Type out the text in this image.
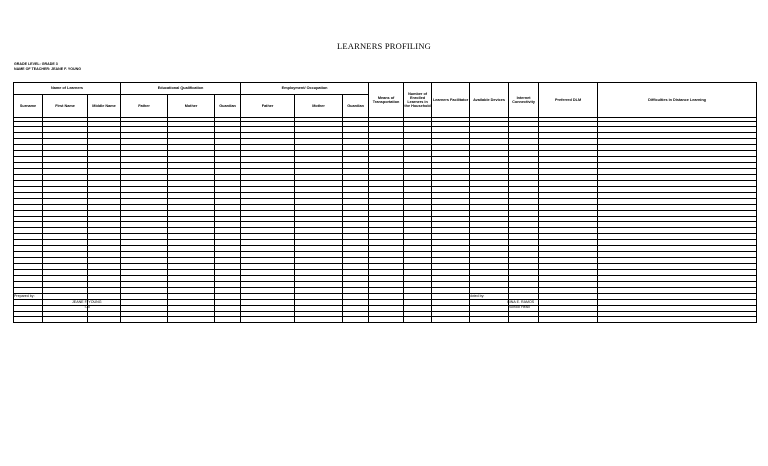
LEARNERS PROFILING
GRADE LEVEL: GRADE 3
NAME OF TEACHER: JEANE F. YOUNG
Name of Learners			Educational Qualification			Employment/ Occupation			Means of Transportation	Number of Enrolled Learners in the Household	Learners Facilitator	Available Devices	Internet Connectivity	Preferred DLM	Difficulties in Distance Learning
Surname	First Name	Middle Name	Father	Mother	Guardian	Father	Mother	Guardian							

Prepared by:
JEANE F. YOUNG
T-III
Noted by:
GINA E. RAMOS
School Head
